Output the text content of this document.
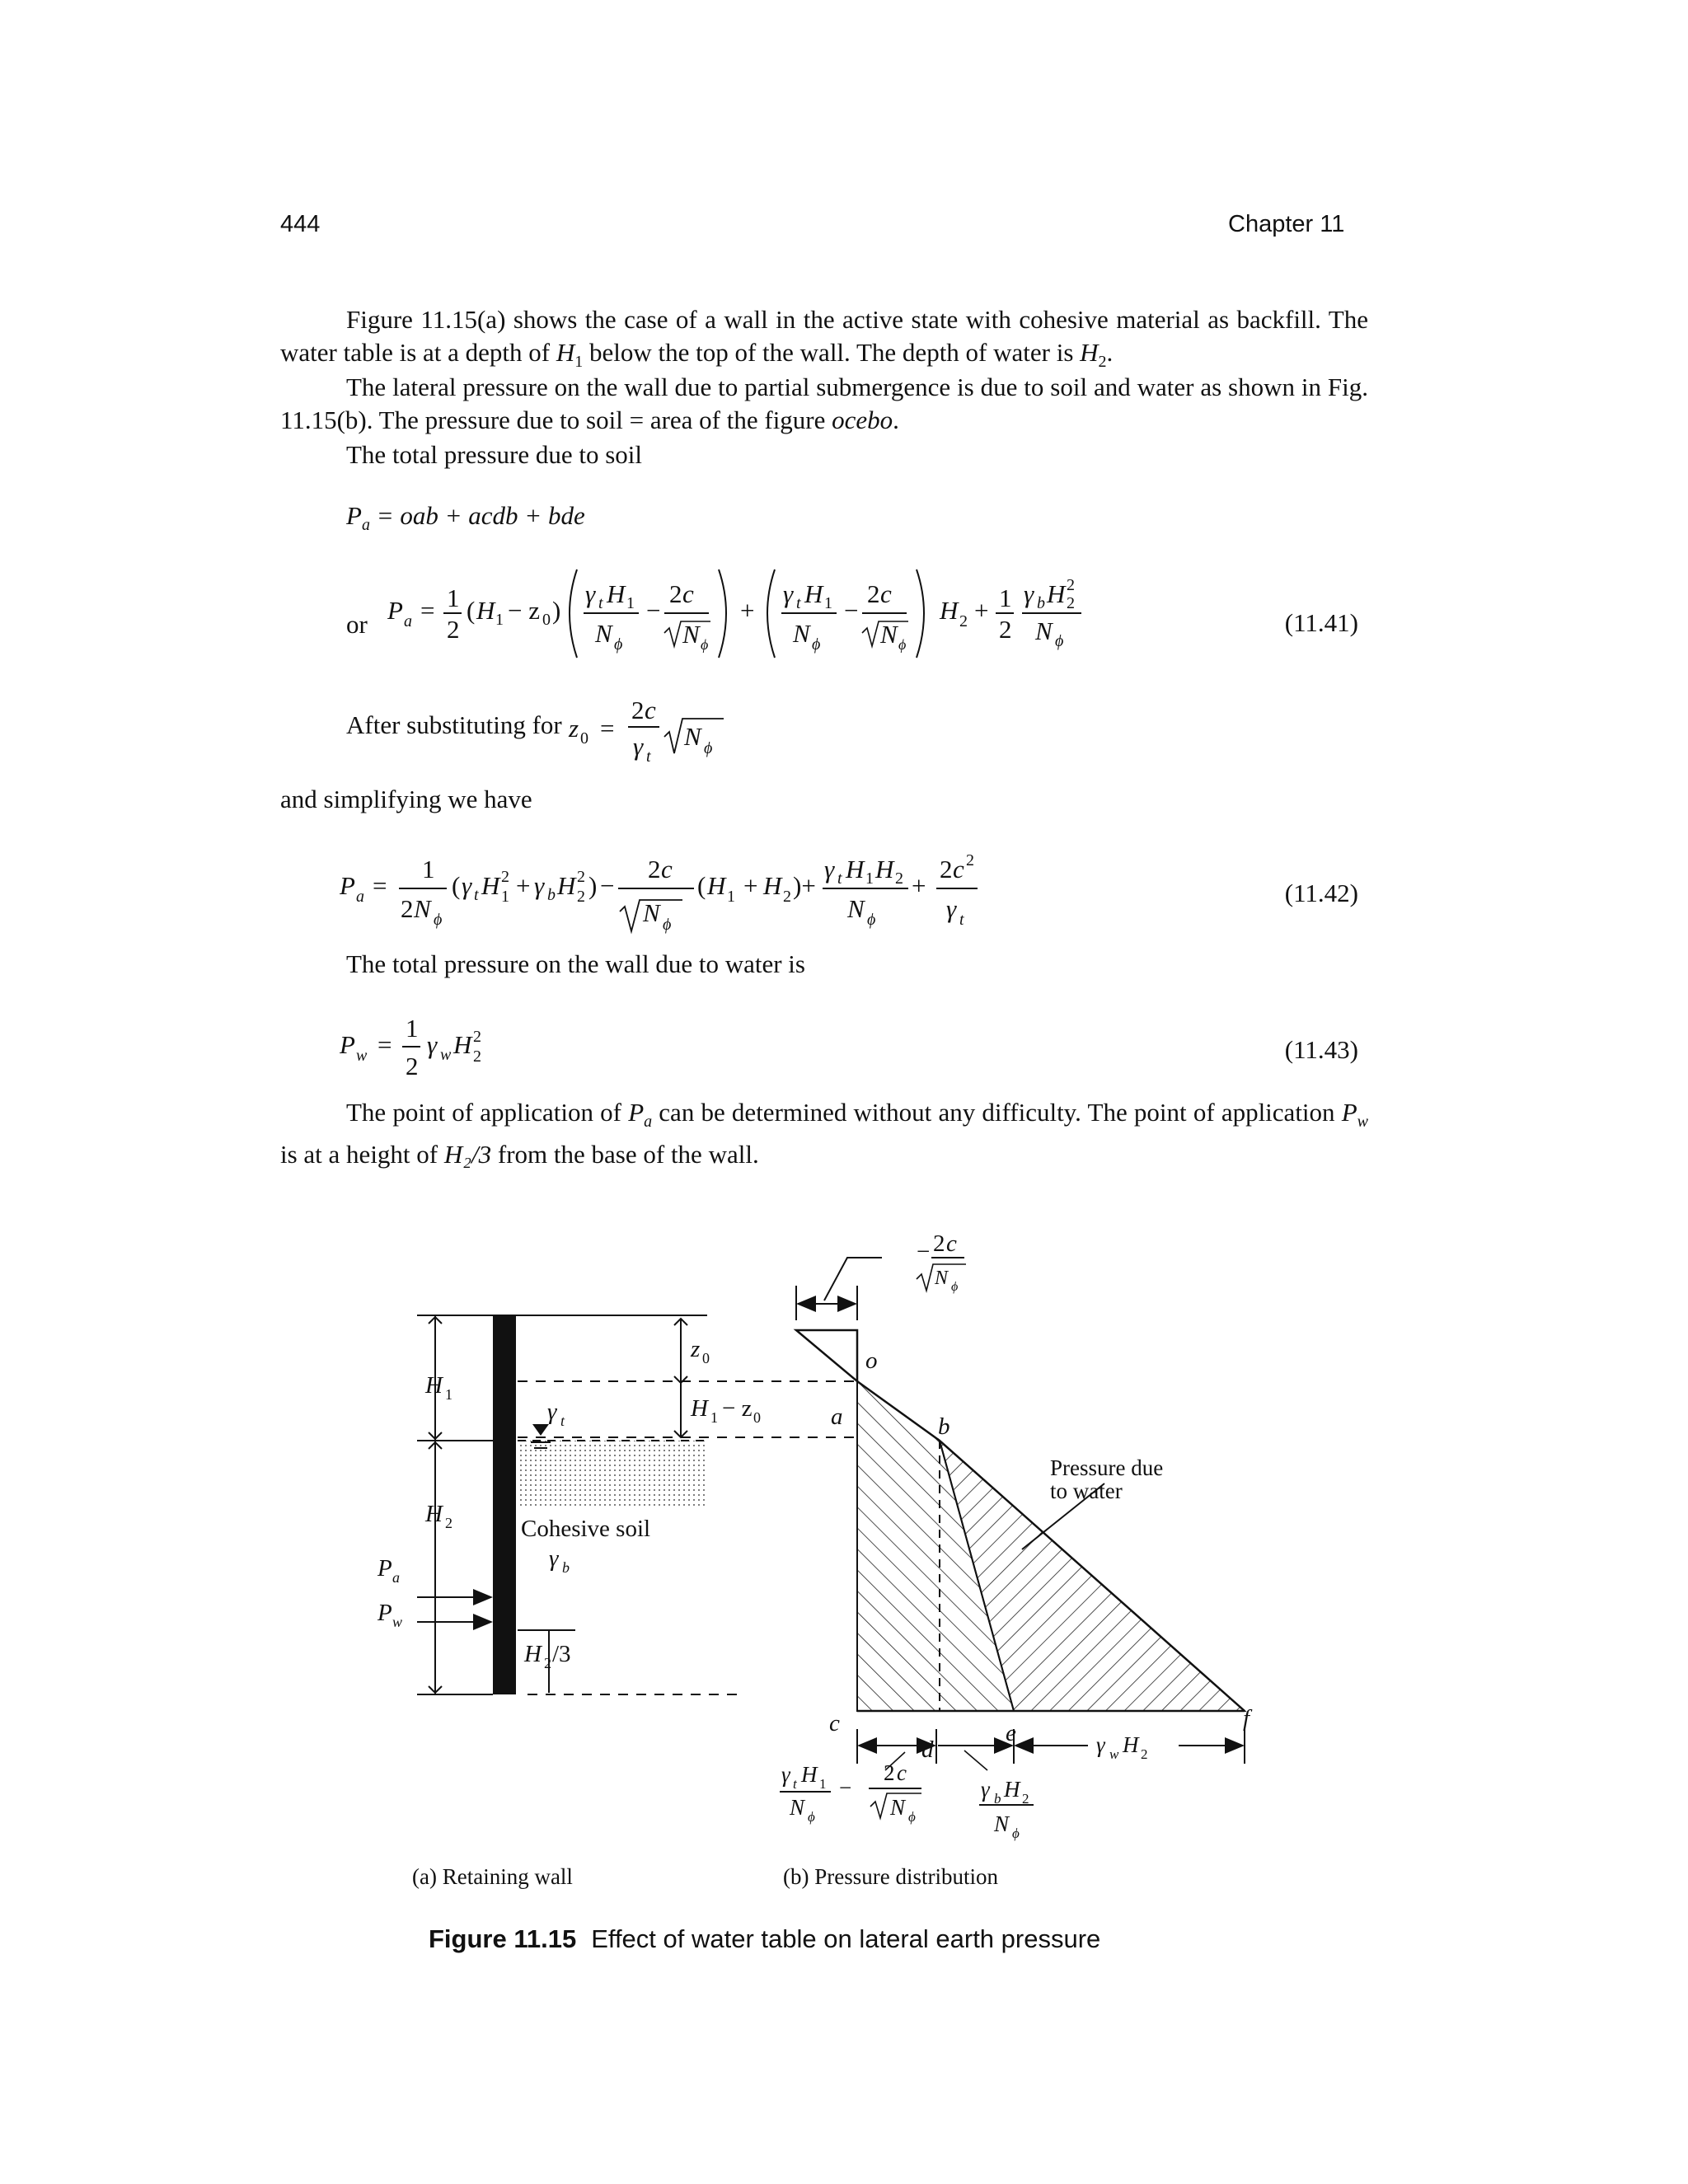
444	Chapter 11
Figure 11.15(a) shows the case of a wall in the active state with cohesive material as backfill. The water table is at a depth of $H_1$ below the top of the wall. The depth of water is $H_2$.
The lateral pressure on the wall due to partial submergence is due to soil and water as shown in Fig. 11.15(b). The pressure due to soil = area of the figure ocebo.
The total pressure due to soil
$P_a$ = oab + acdb + bde
or P a = 1
2
( H 1 − z 0 )
γ t H 1
N ϕ
−
2 c
N ϕ
+
γ t H 1
N ϕ
−
2 c
N ϕ
H 2 + 1
2
γ b H 2
2
N ϕ
(11.41)
After substituting for z 0 =
2 c
γ t
N ϕ
and simplifying we have
P a =
1
2 N ϕ
( γ t H 2
1 + γ b H 2
2 ) −
2 c
N ϕ
( H 1 + H 2 )+
γ t H 1 H 2
N ϕ
+
2 c 2
γ t
(11.42)
The total pressure on the wall due to water is
P w =
1
2
γ w H 2
2	(11.43)
The point of application of $P_a$ can be determined without any difficulty. The point of application $P_w$ is at a height of H₂/3 from the base of the wall.
H 1
H 2
P a
P w
z 0
H 1 − z 0
γ t
γ b
H 2 /3
Cohesive soil
− 2 c
N ϕ
o
a	b
c
d
e
f
Pressure due
to water
γ w H 2
γ t H 1
N ϕ
−
2 c
N ϕ
γ b H 2
N ϕ
(a) Retaining wall	(b) Pressure distribution
Figure 11.15 Effect of water table on lateral earth pressure
